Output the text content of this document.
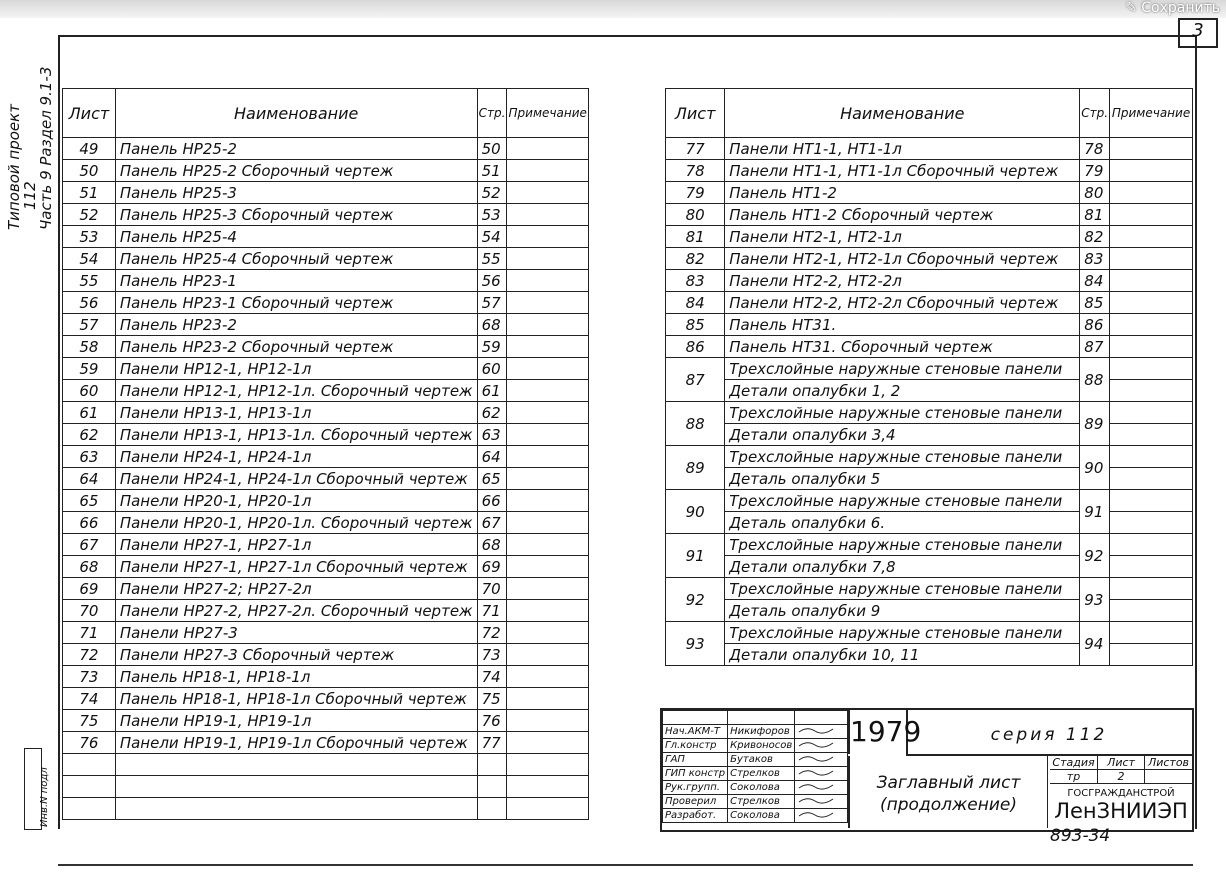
✎ Сохранить
3
Типовой проект
112
Часть 9 Раздел 9.1-3
Инв.N подл
Лист	Наименование	Стр.	Примечание
49	Панель НР25-2	50	
50	Панель НР25-2 Сборочный чертеж	51	
51	Панель НР25-3	52	
52	Панель НР25-3 Сборочный чертеж	53	
53	Панель НР25-4	54	
54	Панель НР25-4 Сборочный чертеж	55	
55	Панель НР23-1	56	
56	Панель НР23-1 Сборочный чертеж	57	
57	Панель НР23-2	68	
58	Панель НР23-2 Сборочный чертеж	59	
59	Панели НР12-1, НР12-1л	60	
60	Панели НР12-1, НР12-1л. Сборочный чертеж	61	
61	Панели НР13-1, НР13-1л	62	
62	Панели НР13-1, НР13-1л. Сборочный чертеж	63	
63	Панели НР24-1, НР24-1л	64	
64	Панели НР24-1, НР24-1л Сборочный чертеж	65	
65	Панели НР20-1, НР20-1л	66	
66	Панели НР20-1, НР20-1л. Сборочный чертеж	67	
67	Панели НР27-1, НР27-1л	68	
68	Панели НР27-1, НР27-1л Сборочный чертеж	69	
69	Панели НР27-2; НР27-2л	70	
70	Панели НР27-2, НР27-2л. Сборочный чертеж	71	
71	Панели НР27-3	72	
72	Панели НР27-3 Сборочный чертеж	73	
73	Панель НР18-1, НР18-1л	74	
74	Панель НР18-1, НР18-1л Сборочный чертеж	75	
75	Панели НР19-1, НР19-1л	76	
76	Панели НР19-1, НР19-1л Сборочный чертеж	77	

Лист	Наименование	Стр.	Примечание
77	Панели НТ1-1, НТ1-1л	78	
78	Панели НТ1-1, НТ1-1л Сборочный чертеж	79	
79	Панель НТ1-2	80	
80	Панель НТ1-2 Сборочный чертеж	81	
81	Панели НТ2-1, НТ2-1л	82	
82	Панели НТ2-1, НТ2-1л Сборочный чертеж	83	
83	Панели НТ2-2, НТ2-2л	84	
84	Панели НТ2-2, НТ2-2л Сборочный чертеж	85	
85	Панель НТ31.	86	
86	Панель НТ31. Сборочный чертеж	87	
87	Трехслойные наружные стеновые панели	88	
	Детали опалубки 1, 2		
88	Трехслойные наружные стеновые панели	89	
	Детали опалубки 3,4		
89	Трехслойные наружные стеновые панели	90	
	Деталь опалубки 5		
90	Трехслойные наружные стеновые панели	91	
	Деталь опалубки 6.		
91	Трехслойные наружные стеновые панели	92	
	Детали опалубки 7,8		
92	Трехслойные наружные стеновые панели	93	
	Деталь опалубки 9		
93	Трехслойные наружные стеновые панели	94	
	Детали опалубки 10, 11		

Нач.АКМ-Т	Никифоров	
Гл.констр	Кривоносов	
ГАП	Бутаков	
ГИП констр	Стрелков	
Рук.групп.	Соколова	
Проверил	Стрелков	
Разработ.	Соколова	
1979	серия 112
Заглавный лист
(продолжение)
Стадия	Лист	Листов
тр	2
ГОСГРАЖДАНСТРОЙ
ЛенЗНИИЭП
893-34
